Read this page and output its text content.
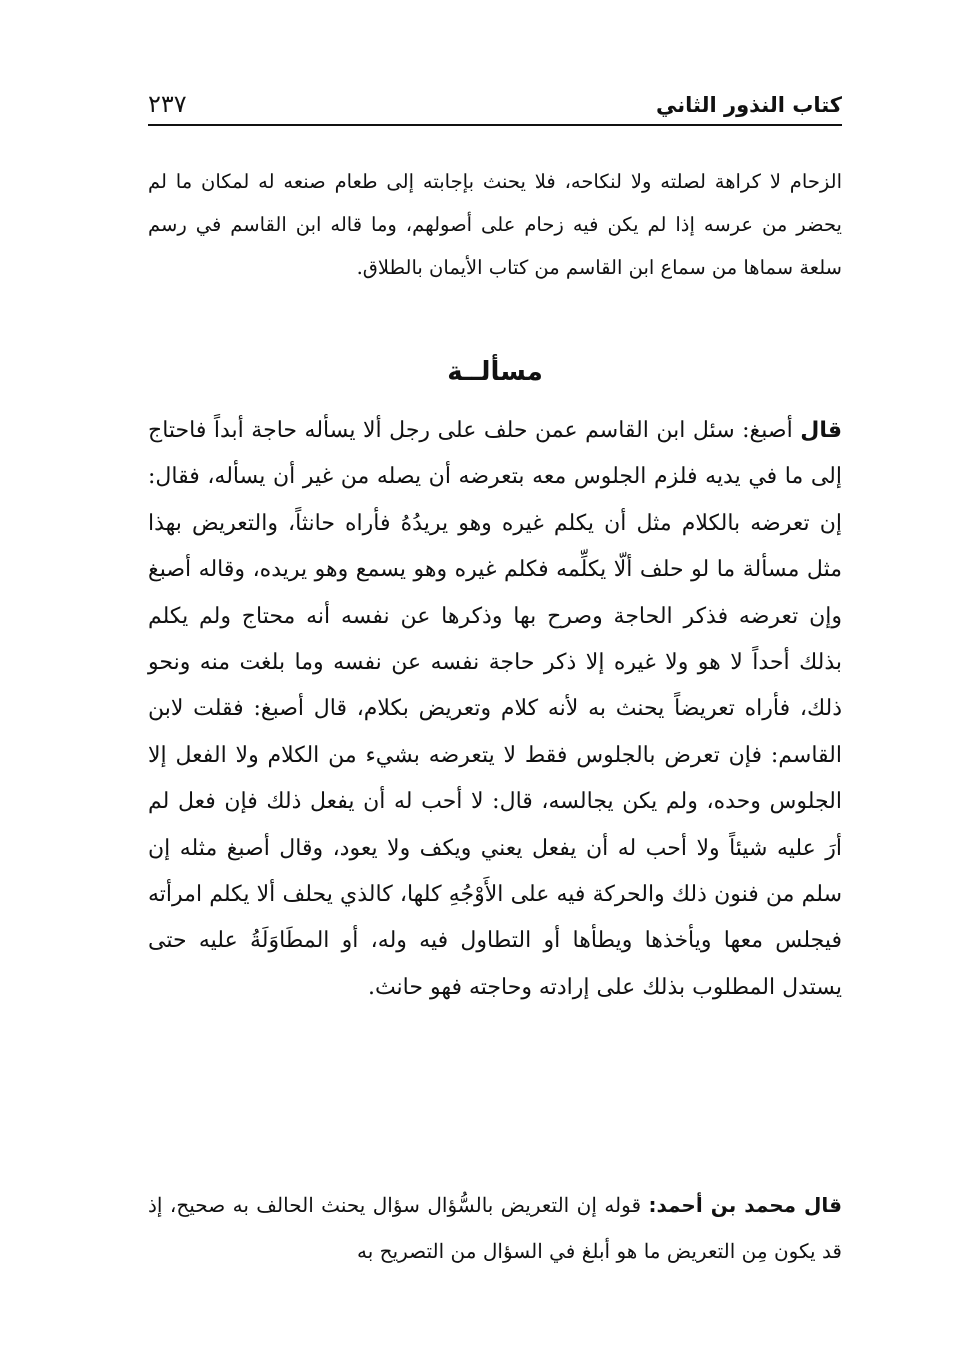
كتاب النذور الثاني
٢٣٧

الزحام لا كراهة لصلته ولا لنكاحه، فلا يحنث بإجابته إلى طعام صنعه له لمكان ما لم يحضر من عرسه إذا لم يكن فيه زحام على أصولهم، وما قاله ابن القاسم في رسم سلعة سماها من سماع ابن القاسم من كتاب الأيمان بالطلاق.

مسألــة

قال أصبغ: سئل ابن القاسم عمن حلف على رجل ألا يسأله حاجة أبداً فاحتاج إلى ما في يديه فلزم الجلوس معه بتعرضه أن يصله من غير أن يسأله، فقال: إن تعرضه بالكلام مثل أن يكلم غيره وهو يريدُهُ فأراه حانثاً، والتعريض بهذا مثل مسألة ما لو حلف ألّا يكلِّمه فكلم غيره وهو يسمع وهو يريده، وقاله أصبغ وإن تعرضه فذكر الحاجة وصرح بها وذكرها عن نفسه أنه محتاج ولم يكلم بذلك أحداً لا هو ولا غيره إلا ذكر حاجة نفسه عن نفسه وما بلغت منه ونحو ذلك، فأراه تعريضاً يحنث به لأنه كلام وتعريض بكلام، قال أصبغ: فقلت لابن القاسم: فإن تعرض بالجلوس فقط لا يتعرضه بشيء من الكلام ولا الفعل إلا الجلوس وحده، ولم يكن يجالسه، قال: لا أحب له أن يفعل ذلك فإن فعل لم أرَ عليه شيئاً ولا أحب له أن يفعل يعني ويكف ولا يعود، وقال أصبغ مثله إن سلم من فنون ذلك والحركة فيه على الأَوْجُهِ كلها، كالذي يحلف ألا يكلم امرأته فيجلس معها ويأخذها ويطأها أو التطاول فيه وله، أو المطَاوَلَةُ عليه حتى يستدل المطلوب بذلك على إرادته وحاجته فهو حانث.

قال محمد بن أحمد: قوله إن التعريض بالسُّؤال سؤال يحنث الحالف به صحيح، إذ قد يكون مِن التعريض ما هو أبلغ في السؤال من التصريح به
